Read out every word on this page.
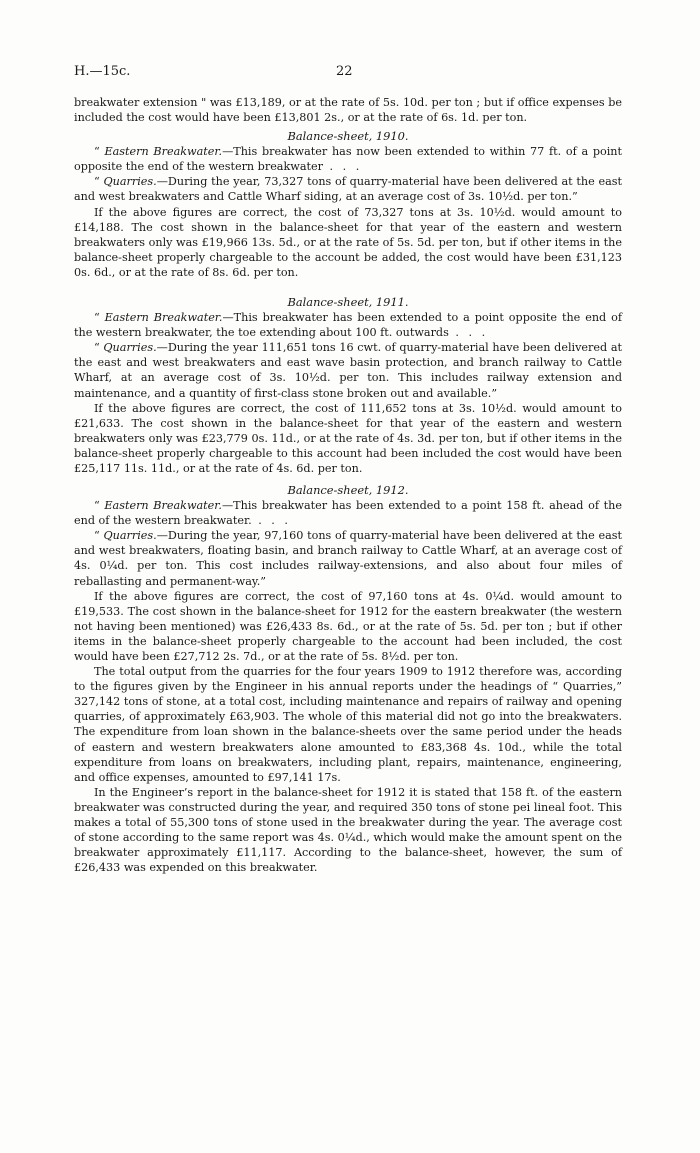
H.—15c.	22

breakwater extension " was £13,189, or at the rate of 5s. 10d. per ton ; but if office expenses be included the cost would have been £13,801 2s., or at the rate of 6s. 1d. per ton.

Balance-sheet, 1910.

“ Eastern Breakwater.—This breakwater has now been extended to within 77 ft. of a point opposite the end of the western breakwater . . .

“ Quarries.—During the year, 73,327 tons of quarry-material have been delivered at the east and west breakwaters and Cattle Wharf siding, at an average cost of 3s. 10½d. per ton.”

If the above figures are correct, the cost of 73,327 tons at 3s. 10½d. would amount to £14,188. The cost shown in the balance-sheet for that year of the eastern and western breakwaters only was £19,966 13s. 5d., or at the rate of 5s. 5d. per ton, but if other items in the balance-sheet properly chargeable to the account be added, the cost would have been £31,123 0s. 6d., or at the rate of 8s. 6d. per ton.

Balance-sheet, 1911.

“ Eastern Breakwater.—This breakwater has been extended to a point opposite the end of the western breakwater, the toe extending about 100 ft. outwards . . .

“ Quarries.—During the year 111,651 tons 16 cwt. of quarry-material have been delivered at the east and west breakwaters and east wave basin protection, and branch railway to Cattle Wharf, at an average cost of 3s. 10½d. per ton. This includes railway extension and maintenance, and a quantity of first-class stone broken out and available.”

If the above figures are correct, the cost of 111,652 tons at 3s. 10½d. would amount to £21,633. The cost shown in the balance-sheet for that year of the eastern and western breakwaters only was £23,779 0s. 11d., or at the rate of 4s. 3d. per ton, but if other items in the balance-sheet properly chargeable to this account had been included the cost would have been £25,117 11s. 11d., or at the rate of 4s. 6d. per ton.

Balance-sheet, 1912.

“ Eastern Breakwater.—This breakwater has been extended to a point 158 ft. ahead of the end of the western breakwater. . . .

“ Quarries.—During the year, 97,160 tons of quarry-material have been delivered at the east and west breakwaters, floating basin, and branch railway to Cattle Wharf, at an average cost of 4s. 0¼d. per ton. This cost includes railway-extensions, and also about four miles of reballasting and permanent-way.”

If the above figures are correct, the cost of 97,160 tons at 4s. 0¼d. would amount to £19,533. The cost shown in the balance-sheet for 1912 for the eastern breakwater (the western not having been mentioned) was £26,433 8s. 6d., or at the rate of 5s. 5d. per ton ; but if other items in the balance-sheet properly chargeable to the account had been included, the cost would have been £27,712 2s. 7d., or at the rate of 5s. 8½d. per ton.

The total output from the quarries for the four years 1909 to 1912 therefore was, according to the figures given by the Engineer in his annual reports under the headings of “ Quarries,” 327,142 tons of stone, at a total cost, including maintenance and repairs of railway and opening quarries, of approximately £63,903. The whole of this material did not go into the breakwaters. The expenditure from loan shown in the balance-sheets over the same period under the heads of eastern and western breakwaters alone amounted to £83,368 4s. 10d., while the total expenditure from loans on breakwaters, including plant, repairs, maintenance, engineering, and office expenses, amounted to £97,141 17s.

In the Engineer’s report in the balance-sheet for 1912 it is stated that 158 ft. of the eastern breakwater was constructed during the year, and required 350 tons of stone pei lineal foot. This makes a total of 55,300 tons of stone used in the breakwater during the year. The average cost of stone according to the same report was 4s. 0¼d., which would make the amount spent on the breakwater approximately £11,117. According to the balance-sheet, however, the sum of £26,433 was expended on this breakwater.
